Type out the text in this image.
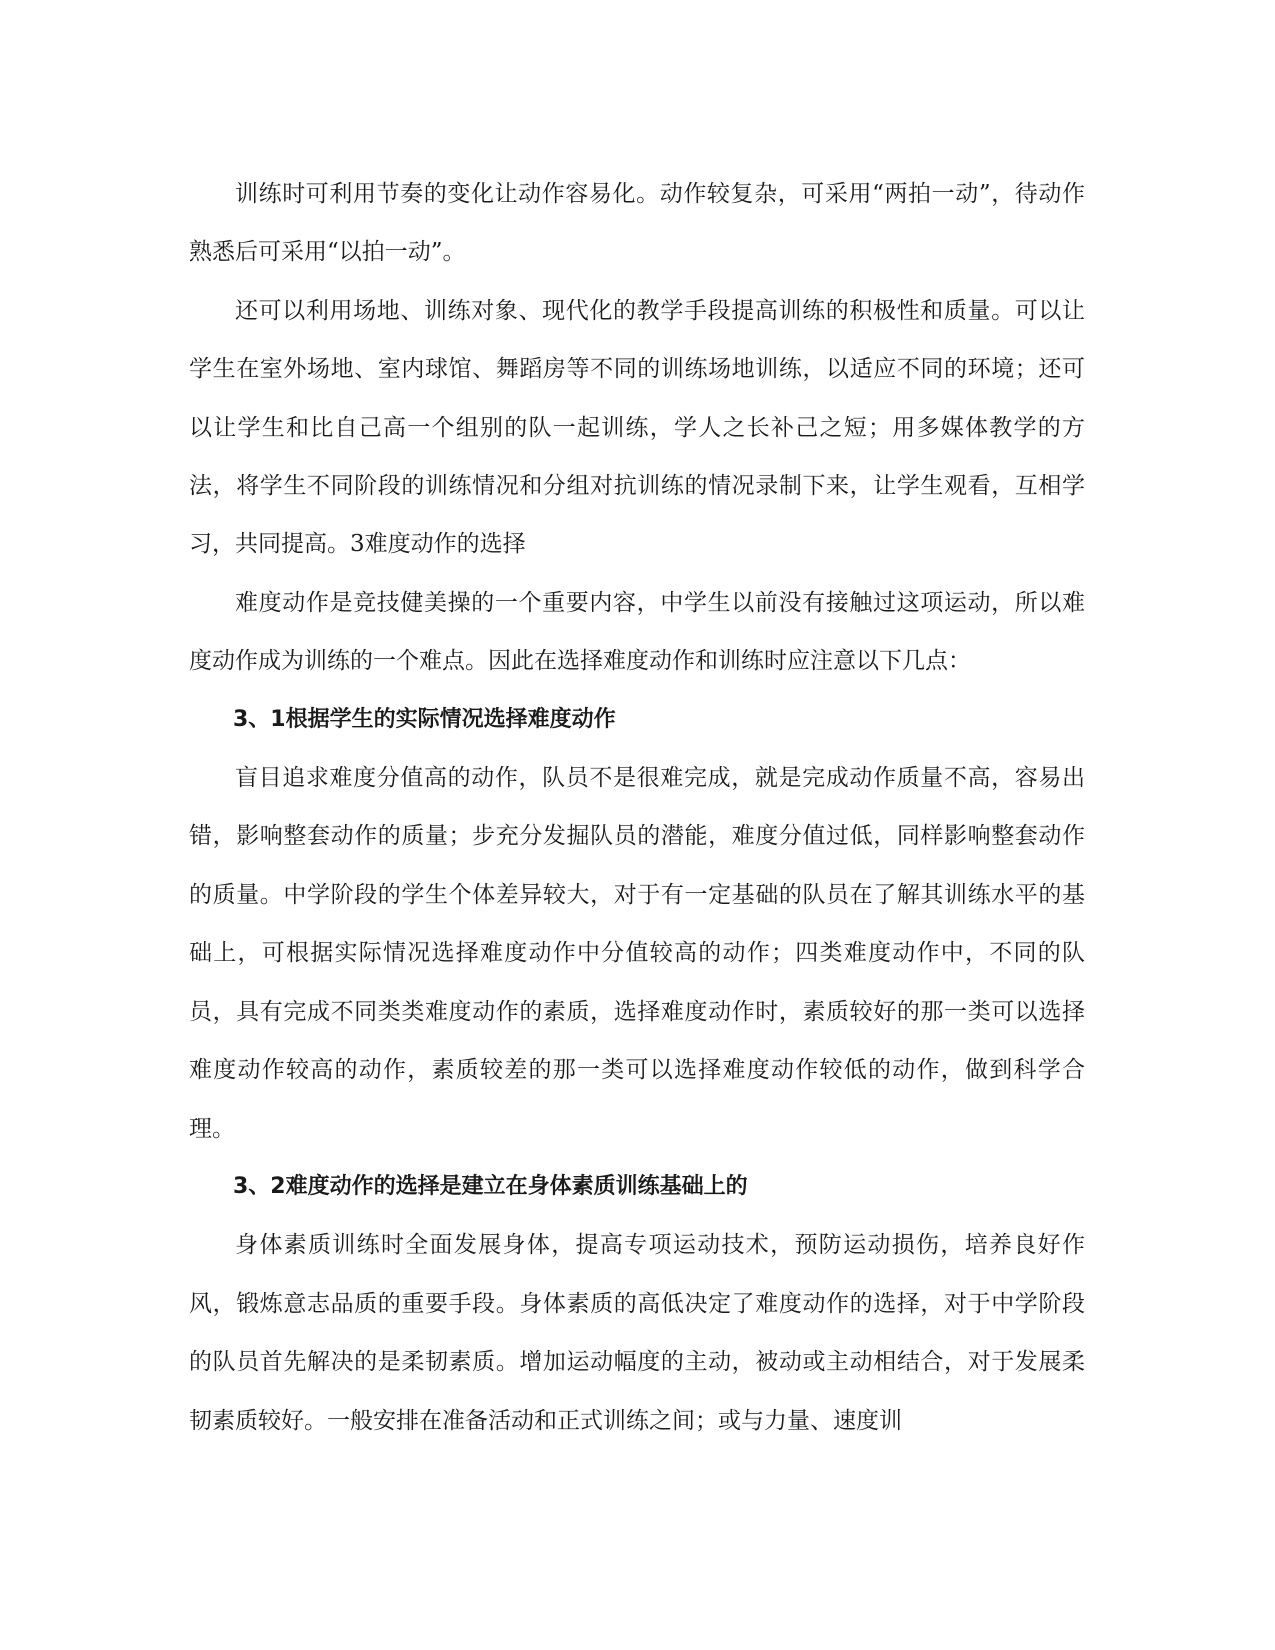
训练时可利用节奏的变化让动作容易化。动作较复杂，可采用“两拍一动”，待动作熟悉后可采用“以拍一动”。

还可以利用场地、训练对象、现代化的教学手段提高训练的积极性和质量。可以让学生在室外场地、室内球馆、舞蹈房等不同的训练场地训练，以适应不同的环境；还可以让学生和比自己高一个组别的队一起训练，学人之长补己之短；用多媒体教学的方法，将学生不同阶段的训练情况和分组对抗训练的情况录制下来，让学生观看，互相学习，共同提高。3难度动作的选择

难度动作是竞技健美操的一个重要内容，中学生以前没有接触过这项运动，所以难度动作成为训练的一个难点。因此在选择难度动作和训练时应注意以下几点：

3、1根据学生的实际情况选择难度动作

盲目追求难度分值高的动作，队员不是很难完成，就是完成动作质量不高，容易出错，影响整套动作的质量；步充分发掘队员的潜能，难度分值过低，同样影响整套动作的质量。中学阶段的学生个体差异较大，对于有一定基础的队员在了解其训练水平的基础上，可根据实际情况选择难度动作中分值较高的动作；四类难度动作中，不同的队员，具有完成不同类类难度动作的素质，选择难度动作时，素质较好的那一类可以选择难度动作较高的动作，素质较差的那一类可以选择难度动作较低的动作，做到科学合理。

3、2难度动作的选择是建立在身体素质训练基础上的

身体素质训练时全面发展身体，提高专项运动技术，预防运动损伤，培养良好作风，锻炼意志品质的重要手段。身体素质的高低决定了难度动作的选择，对于中学阶段的队员首先解决的是柔韧素质。增加运动幅度的主动，被动或主动相结合，对于发展柔韧素质较好。一般安排在准备活动和正式训练之间；或与力量、速度训
